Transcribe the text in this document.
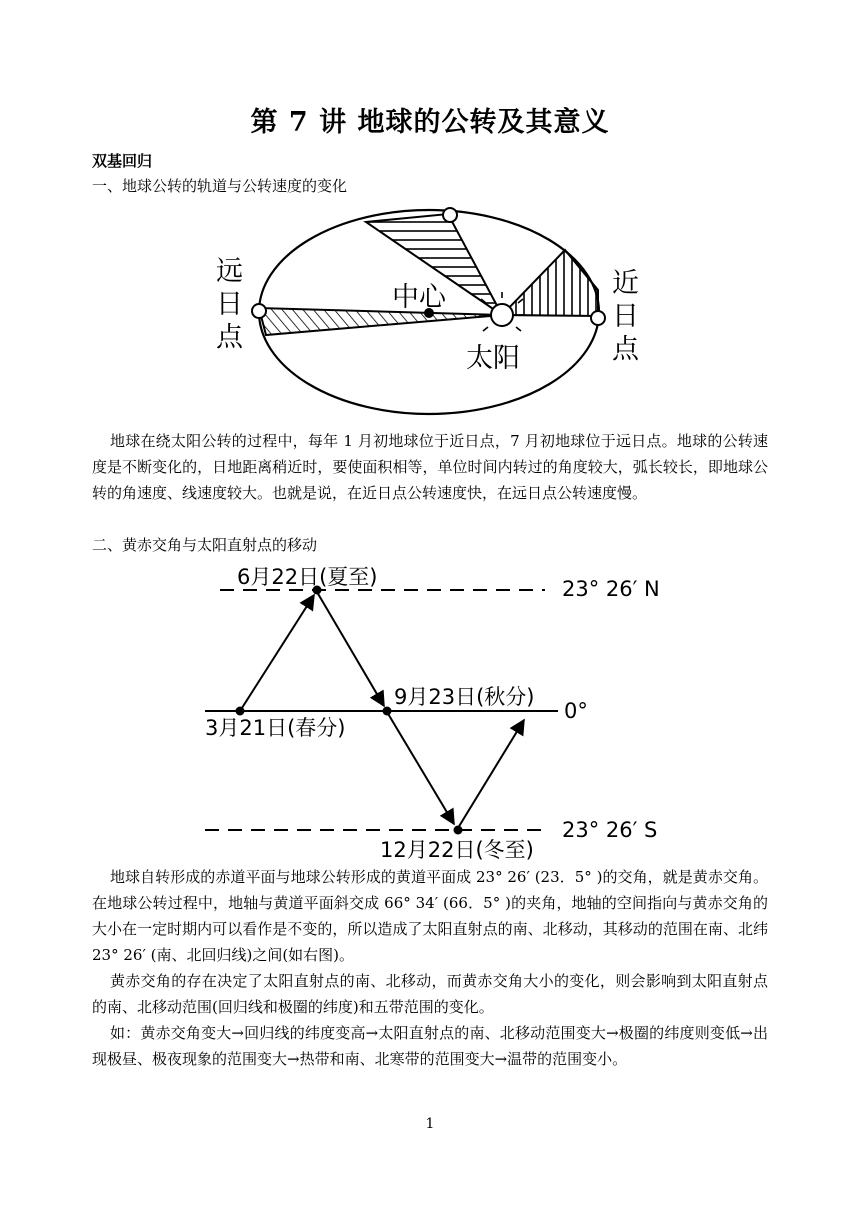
第 7 讲 地球的公转及其意义
双基回归
一、地球公转的轨道与公转速度的变化
中心
太阳
远
日
点
近
日
点
地球在绕太阳公转的过程中，每年 1 月初地球位于近日点，7 月初地球位于远日点。地球的公转速度是不断变化的，日地距离稍近时，要使面积相等，单位时间内转过的角度较大，弧长较长，即地球公转的角速度、线速度较大。也就是说，在近日点公转速度快，在远日点公转速度慢。
二、黄赤交角与太阳直射点的移动
6月22日(夏至)
3月21日(春分)
9月23日(秋分)
12月22日(冬至)
23° 26′ N
0°
23° 26′ S
地球自转形成的赤道平面与地球公转形成的黄道平面成 23° 26′ (23．5° )的交角，就是黄赤交角。在地球公转过程中，地轴与黄道平面斜交成 66° 34′ (66．5° )的夹角，地轴的空间指向与黄赤交角的大小在一定时期内可以看作是不变的，所以造成了太阳直射点的南、北移动，其移动的范围在南、北纬 23° 26′ (南、北回归线)之间(如右图)。
黄赤交角的存在决定了太阳直射点的南、北移动，而黄赤交角大小的变化，则会影响到太阳直射点的南、北移动范围(回归线和极圈的纬度)和五带范围的变化。
如：黄赤交角变大→回归线的纬度变高→太阳直射点的南、北移动范围变大→极圈的纬度则变低→出现极昼、极夜现象的范围变大→热带和南、北寒带的范围变大→温带的范围变小。
1
